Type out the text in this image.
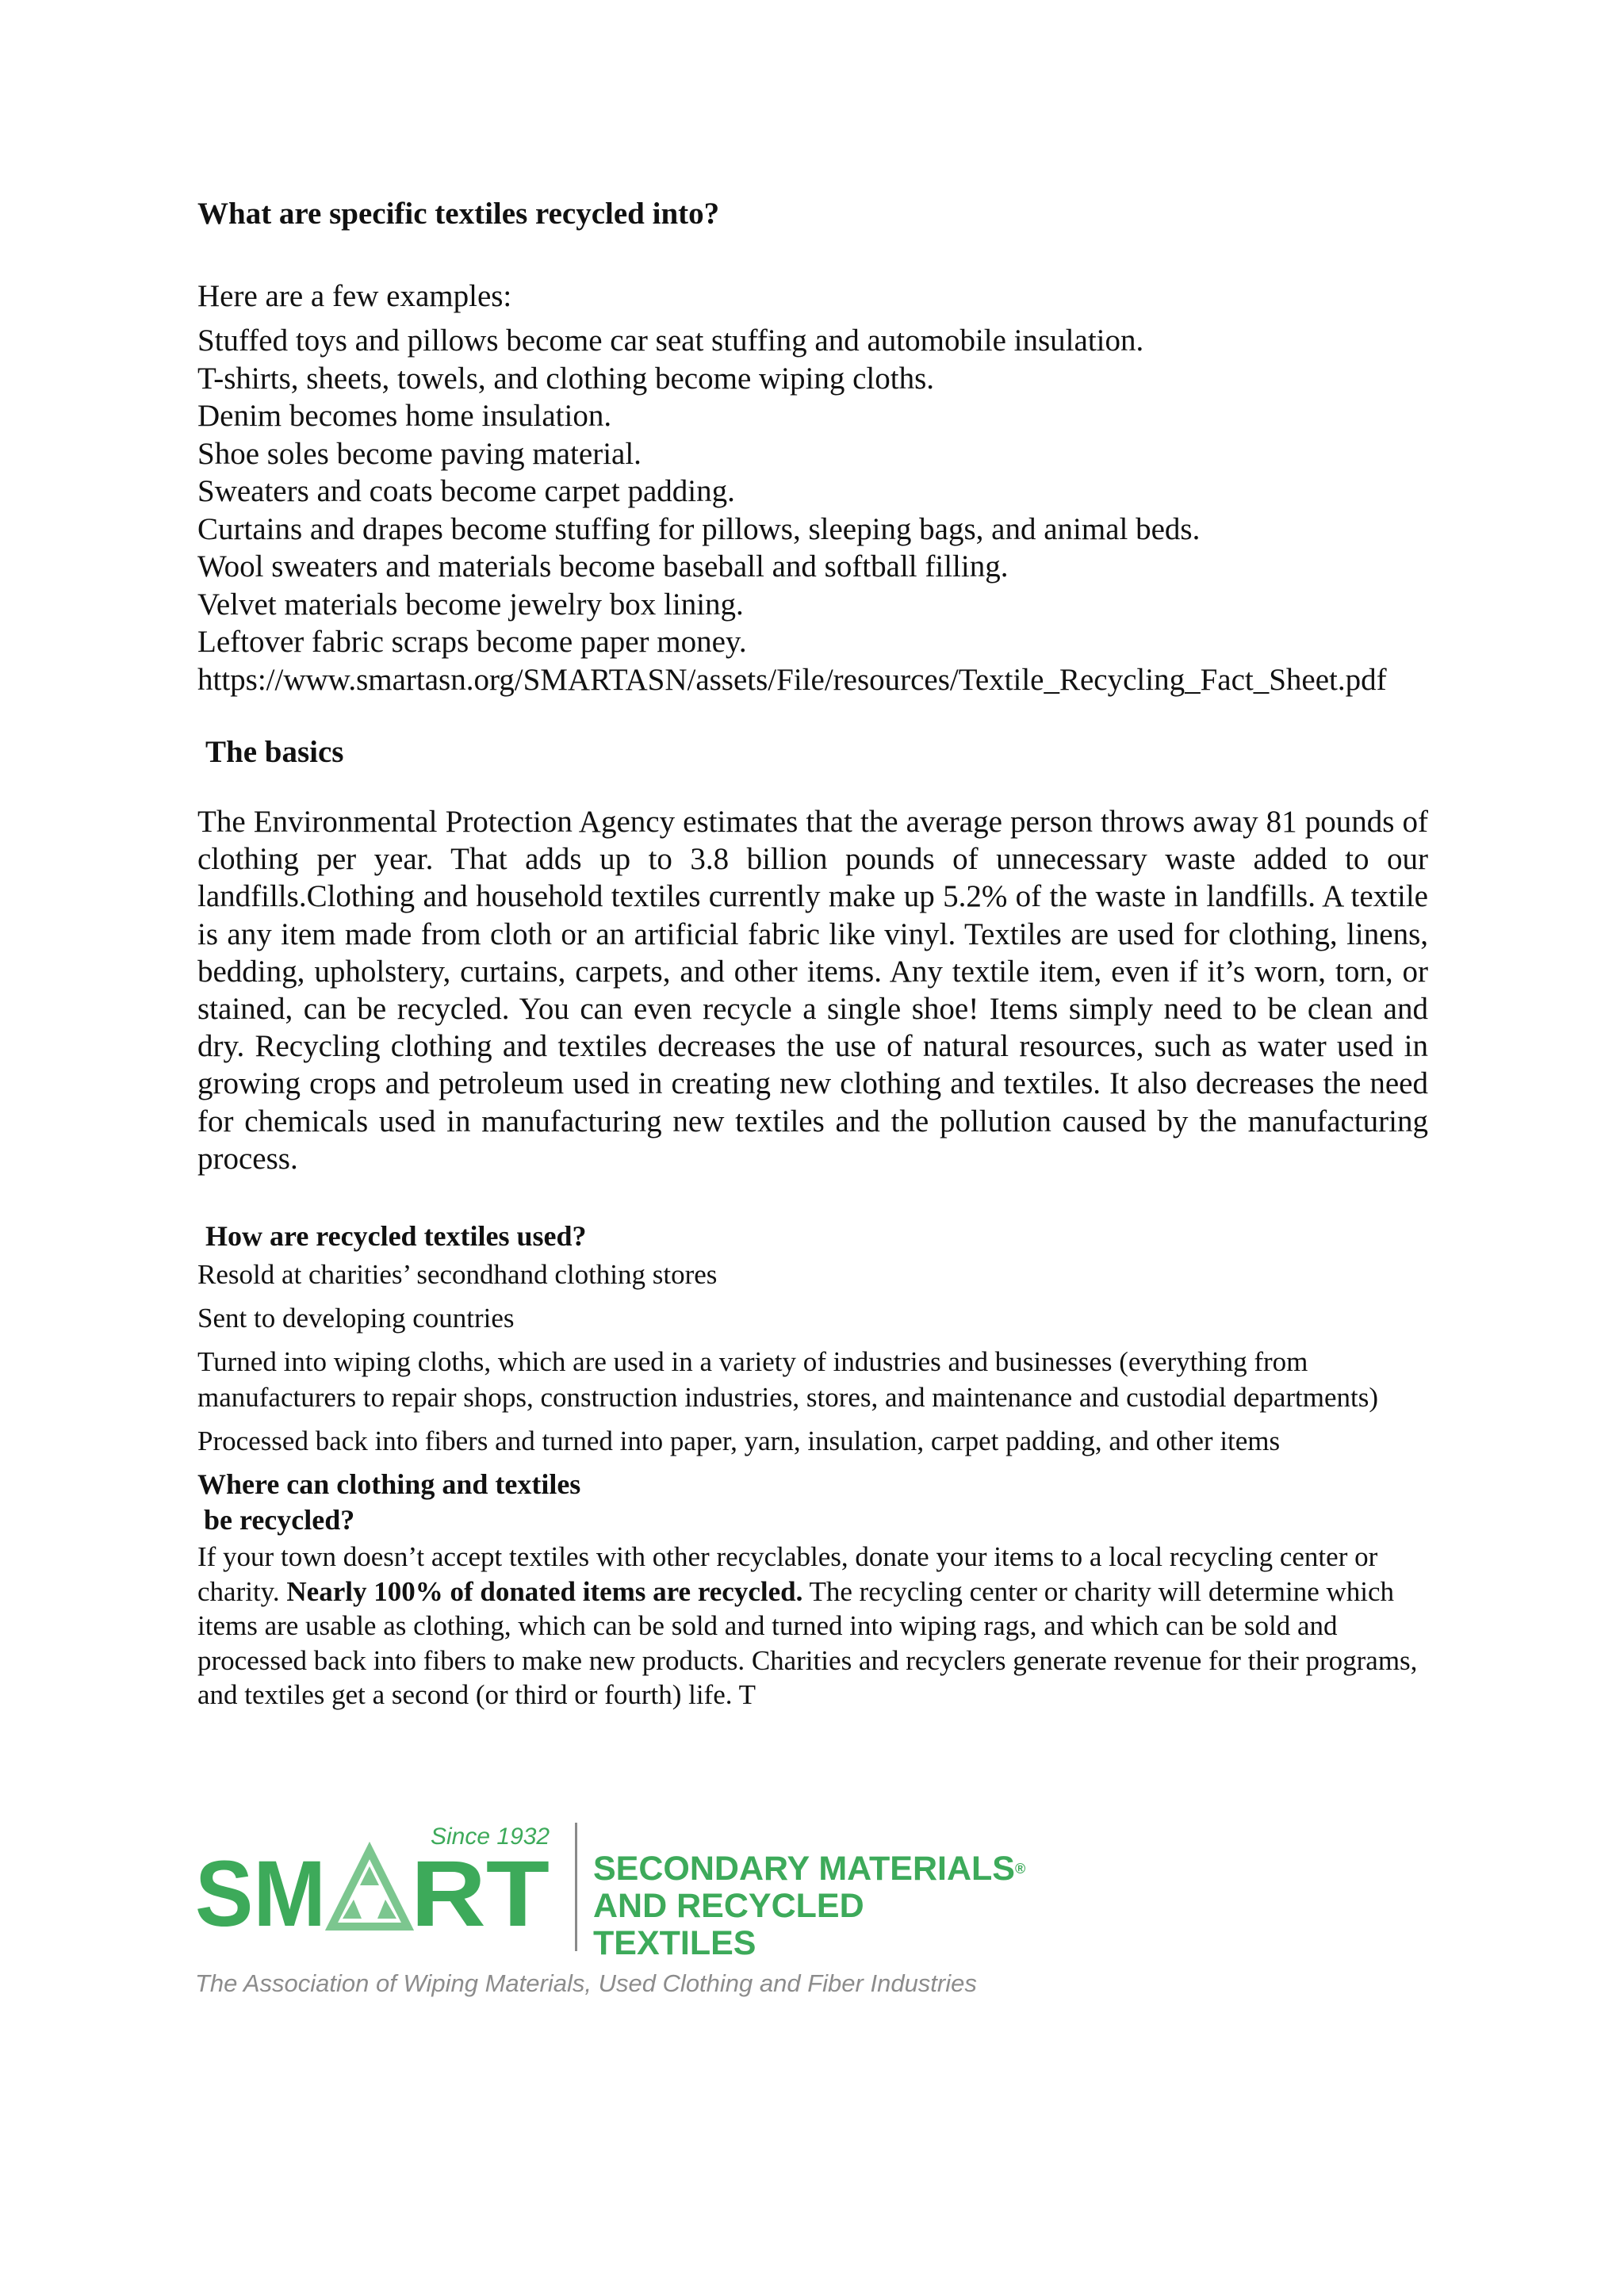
What are specific textiles recycled into?
Here are a few examples:
Stuffed toys and pillows become car seat stuffing and automobile insulation.
T-shirts, sheets, towels, and clothing become wiping cloths.
Denim becomes home insulation.
Shoe soles become paving material.
Sweaters and coats become carpet padding.
Curtains and drapes become stuffing for pillows, sleeping bags, and animal beds.
Wool sweaters and materials become baseball and softball filling.
Velvet materials become jewelry box lining.
Leftover fabric scraps become paper money.
https://www.smartasn.org/SMARTASN/assets/File/resources/Textile_Recycling_Fact_Sheet.pdf
The basics
The Environmental Protection Agency estimates that the average person throws away 81 pounds of clothing per year. That adds up to 3.8 billion pounds of unnecessary waste added to our landfills.Clothing and household textiles currently make up 5.2% of the waste in landfills. A textile is any item made from cloth or an artificial fabric like vinyl. Textiles are used for clothing, linens, bedding, upholstery, curtains, carpets, and other items. Any textile item, even if it’s worn, torn, or stained, can be recycled. You can even recycle a single shoe! Items simply need to be clean and dry. Recycling clothing and textiles decreases the use of natural resources, such as water used in growing crops and petroleum used in creating new clothing and textiles. It also decreases the need for chemicals used in manufacturing new textiles and the pollution caused by the manufacturing process.
How are recycled textiles used?
Resold at charities’ secondhand clothing stores
Sent to developing countries
Turned into wiping cloths, which are used in a variety of industries and businesses (everything from manufacturers to repair shops, construction industries, stores, and maintenance and custodial departments)
Processed back into fibers and turned into paper, yarn, insulation, carpet padding, and other items
Where can clothing and textiles
be recycled?
If your town doesn’t accept textiles with other recyclables, donate your items to a local recycling center or charity. Nearly 100% of donated items are recycled. The recycling center or charity will determine which items are usable as clothing, which can be sold and turned into wiping rags, and which can be sold and processed back into fibers to make new products. Charities and recyclers generate revenue for their programs, and textiles get a second (or third or fourth) life. T
Since 1932
SM RT SECONDARY MATERIALS®
AND RECYCLED TEXTILES
The Association of Wiping Materials, Used Clothing and Fiber Industries
